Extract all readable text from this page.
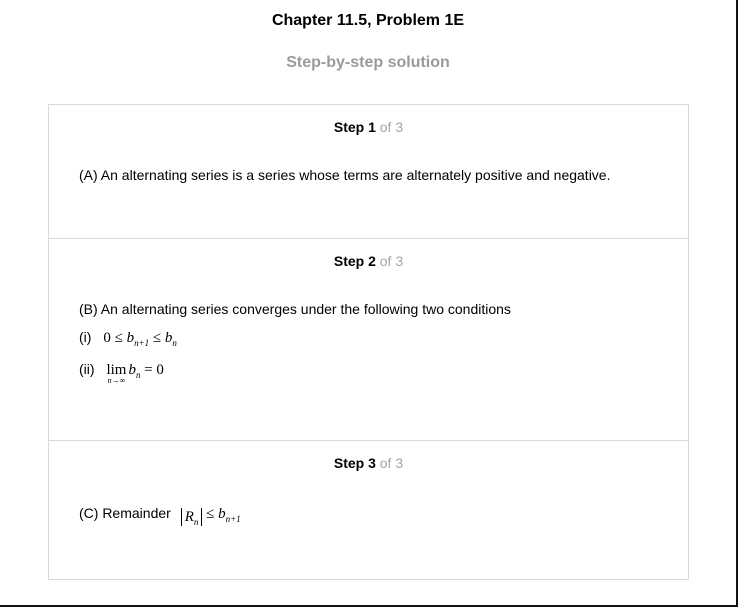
Chapter 11.5, Problem 1E
Step-by-step solution
Step 1 of 3
(A) An alternating series is a series whose terms are alternately positive and negative.
Step 2 of 3
(B) An alternating series converges under the following two conditions
(i) $0 \le b_{n+1} \le b_n$
(ii) lim
n→∞
$b_n = 0$
Step 3 of 3
(C) Remainder $R_n \le b_{n+1}$
